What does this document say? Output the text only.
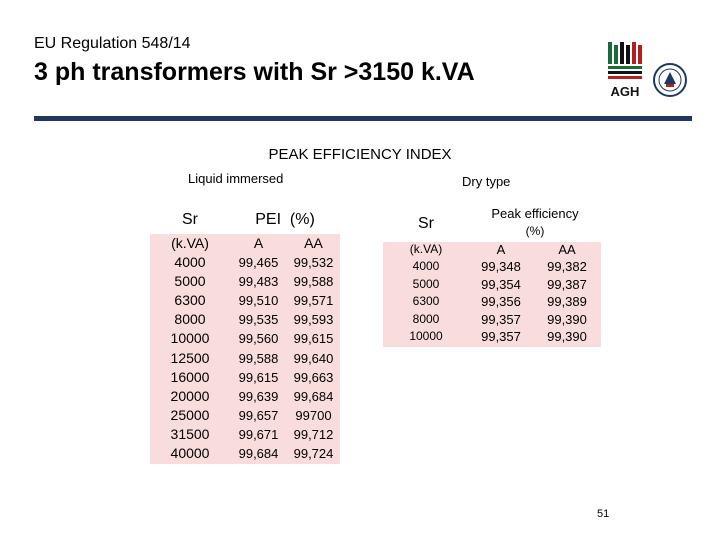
EU Regulation 548/14
3 ph transformers with Sr >3150 k.VA
AGH
PEAK EFFICIENCY INDEX
Liquid immersed	Dry type
Sr	PEI  (%)
(k.VA)	A	AA
4000	99,465	99,532
5000	99,483	99,588
6300	99,510	99,571
8000	99,535	99,593
10000	99,560	99,615
12500	99,588	99,640
16000	99,615	99,663
20000	99,639	99,684
25000	99,657	99700
31500	99,671	99,712
40000	99,684	99,724
Sr
Peak efficiency
(%)
(k.VA)	A	AA
4000	99,348	99,382
5000	99,354	99,387
6300	99,356	99,389
8000	99,357	99,390
10000	99,357	99,390
51
